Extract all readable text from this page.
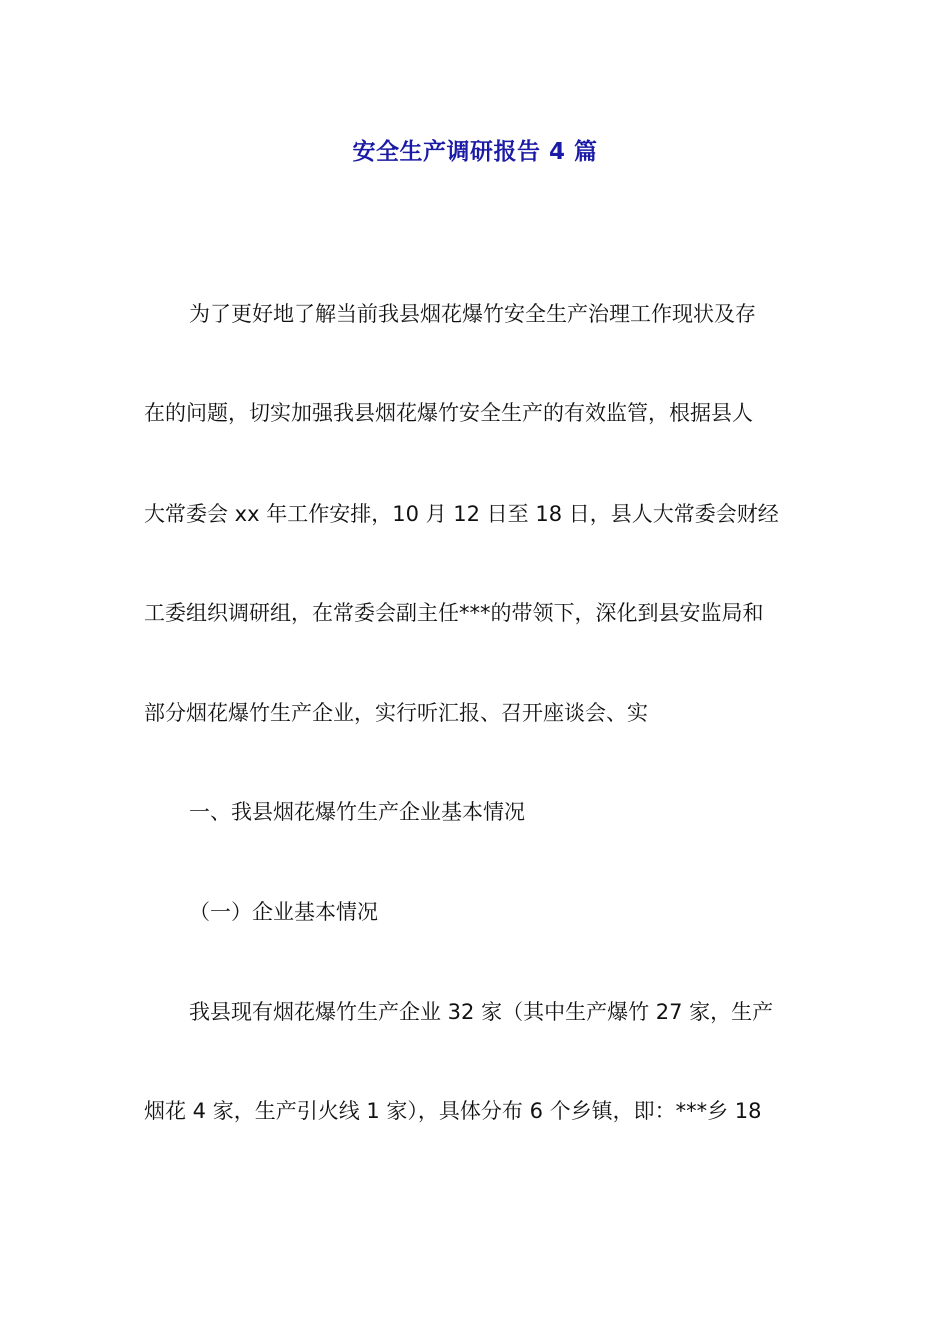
安全生产调研报告 4 篇
为了更好地了解当前我县烟花爆竹安全生产治理工作现状及存
在的问题，切实加强我县烟花爆竹安全生产的有效监管，根据县人
大常委会 xx 年工作安排，10 月 12 日至 18 日，县人大常委会财经
工委组织调研组，在常委会副主任***的带领下，深化到县安监局和
部分烟花爆竹生产企业，实行听汇报、召开座谈会、实
一、我县烟花爆竹生产企业基本情况
（一）企业基本情况
我县现有烟花爆竹生产企业 32 家（其中生产爆竹 27 家，生产
烟花 4 家，生产引火线 1 家），具体分布 6 个乡镇，即：***乡 18
